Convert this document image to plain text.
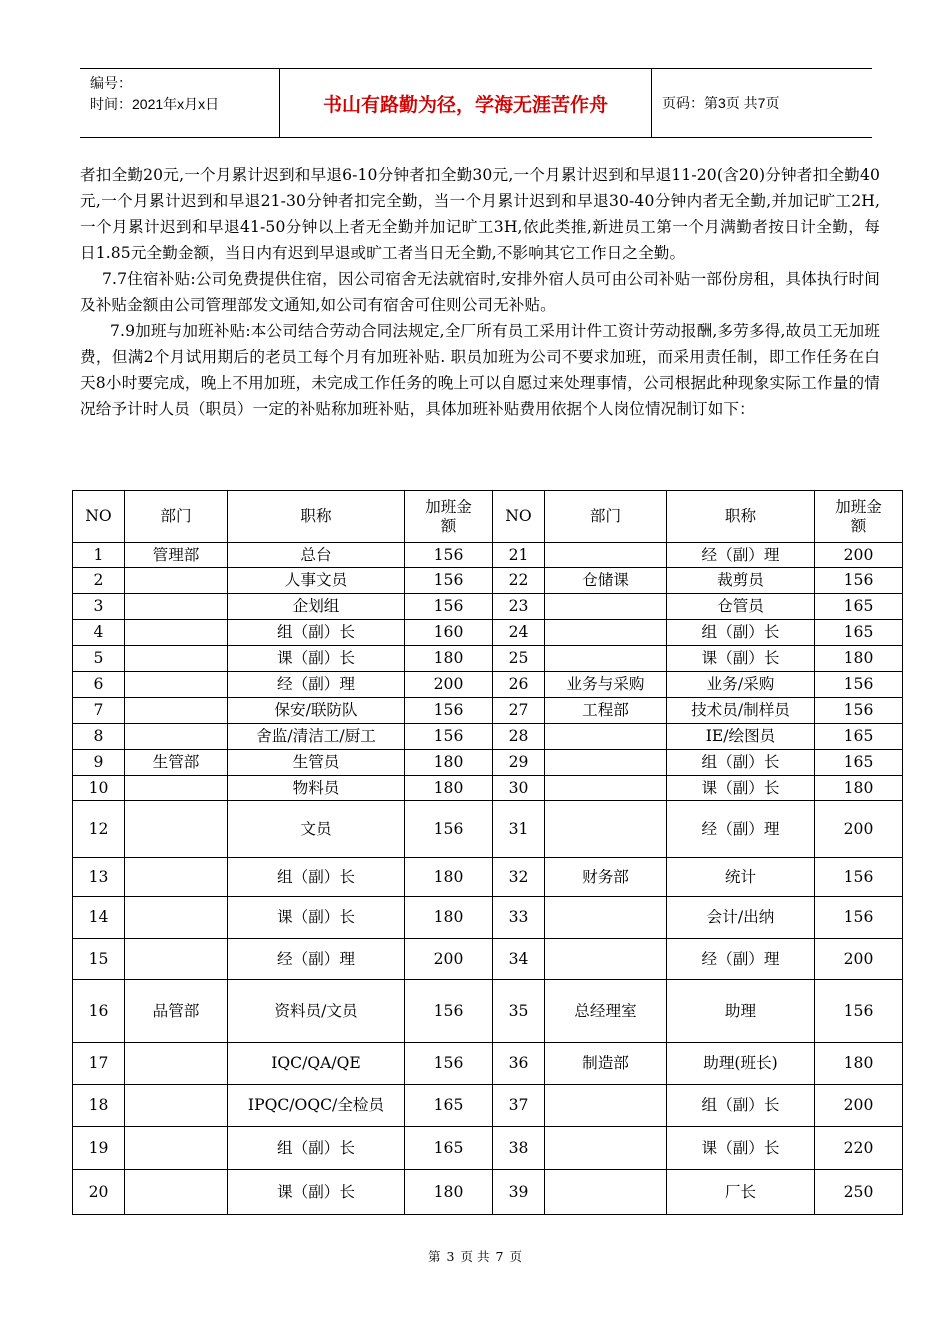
编号：
时间：2021年x月x日	书山有路勤为径，学海无涯苦作舟	页码：第3页 共7页

者扣全勤20元,一个月累计迟到和早退6-10分钟者扣全勤30元,一个月累计迟到和早退11-20(含20)分钟者扣全勤40元,一个月累计迟到和早退21-30分钟者扣完全勤，当一个月累计迟到和早退30-40分钟内者无全勤,并加记旷工2H,一个月累计迟到和早退41-50分钟以上者无全勤并加记旷工3H,依此类推,新进员工第一个月满勤者按日计全勤，每日1.85元全勤金额，当日内有迟到早退或旷工者当日无全勤,不影响其它工作日之全勤。

7.7住宿补贴:公司免费提供住宿，因公司宿舍无法就宿时,安排外宿人员可由公司补贴一部份房租，具体执行时间及补贴金额由公司管理部发文通知,如公司有宿舍可住则公司无补贴。

7.9加班与加班补贴:本公司结合劳动合同法规定,全厂所有员工采用计件工资计劳动报酬,多劳多得,故员工无加班费，但满2个月试用期后的老员工每个月有加班补贴. 职员加班为公司不要求加班，而采用责任制，即工作任务在白天8小时要完成，晚上不用加班，未完成工作任务的晚上可以自愿过来处理事情，公司根据此种现象实际工作量的情况给予计时人员（职员）一定的补贴称加班补贴，具体加班补贴费用依据个人岗位情况制订如下：

NO	部门	职称	加班金额	NO	部门	职称	加班金额
1	管理部	总台	156	21		经（副）理	200
2		人事文员	156	22	仓储课	裁剪员	156
3		企划组	156	23		仓管员	165
4		组（副）长	160	24		组（副）长	165
5		课（副）长	180	25		课（副）长	180
6		经（副）理	200	26	业务与采购	业务/采购	156
7		保安/联防队	156	27	工程部	技术员/制样员	156
8		舍监/清洁工/厨工	156	28		IE/绘图员	165
9	生管部	生管员	180	29		组（副）长	165
10		物料员	180	30		课（副）长	180
12		文员	156	31		经（副）理	200
13		组（副）长	180	32	财务部	统计	156
14		课（副）长	180	33		会计/出纳	156
15		经（副）理	200	34		经（副）理	200
16	品管部	资料员/文员	156	35	总经理室	助理	156
17		IQC/QA/QE	156	36	制造部	助理(班长)	180
18		IPQC/OQC/全检员	165	37		组（副）长	200
19		组（副）长	165	38		课（副）长	220
20		课（副）长	180	39		厂长	250
第 3 页 共 7 页
